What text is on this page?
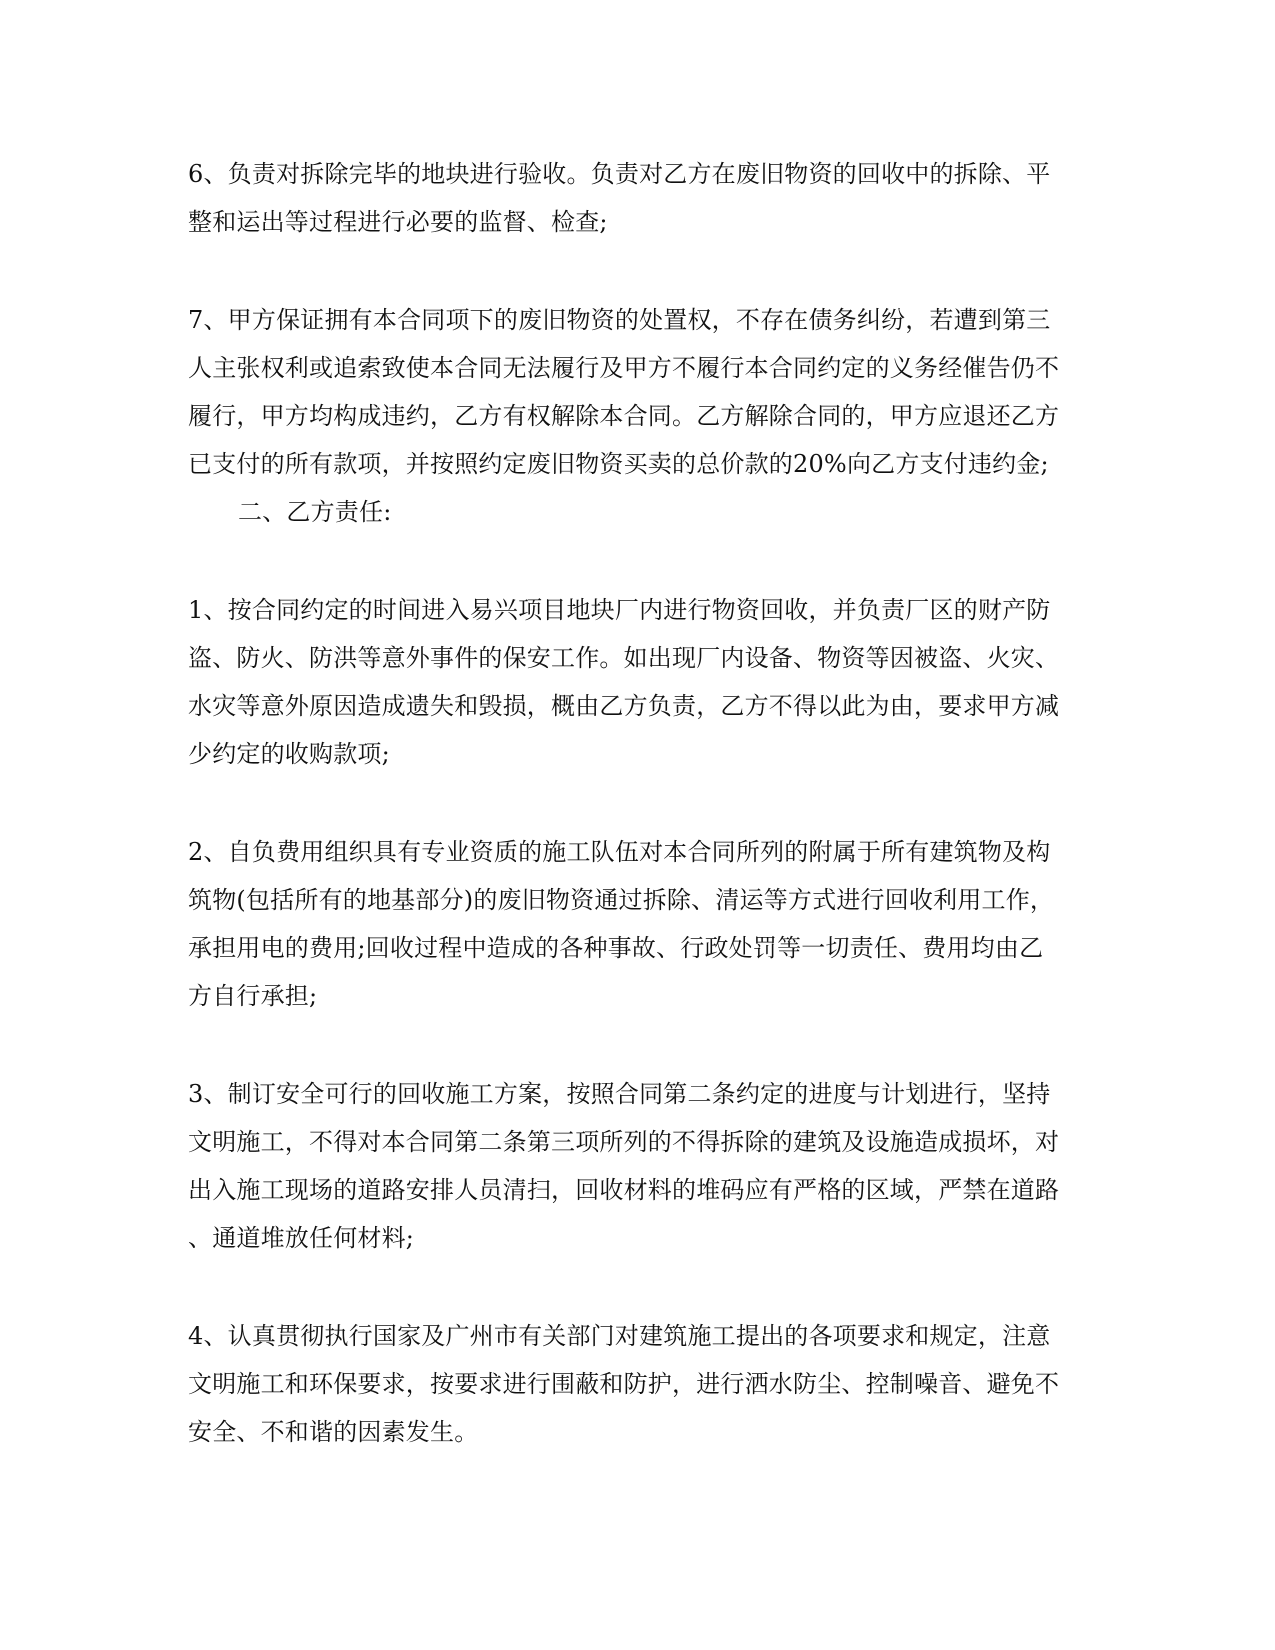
6、负责对拆除完毕的地块进行验收。负责对乙方在废旧物资的回收中的拆除、平
整和运出等过程进行必要的监督、检查;
7、甲方保证拥有本合同项下的废旧物资的处置权，不存在债务纠纷，若遭到第三
人主张权利或追索致使本合同无法履行及甲方不履行本合同约定的义务经催告仍不
履行，甲方均构成违约，乙方有权解除本合同。乙方解除合同的，甲方应退还乙方
已支付的所有款项，并按照约定废旧物资买卖的总价款的20%向乙方支付违约金;
二、乙方责任:
1、按合同约定的时间进入易兴项目地块厂内进行物资回收，并负责厂区的财产防
盗、防火、防洪等意外事件的保安工作。如出现厂内设备、物资等因被盗、火灾、
水灾等意外原因造成遗失和毁损，概由乙方负责，乙方不得以此为由，要求甲方减
少约定的收购款项;
2、自负费用组织具有专业资质的施工队伍对本合同所列的附属于所有建筑物及构
筑物(包括所有的地基部分)的废旧物资通过拆除、清运等方式进行回收利用工作，
承担用电的费用;回收过程中造成的各种事故、行政处罚等一切责任、费用均由乙
方自行承担;
3、制订安全可行的回收施工方案，按照合同第二条约定的进度与计划进行，坚持
文明施工，不得对本合同第二条第三项所列的不得拆除的建筑及设施造成损坏，对
出入施工现场的道路安排人员清扫，回收材料的堆码应有严格的区域，严禁在道路
、通道堆放任何材料;
4、认真贯彻执行国家及广州市有关部门对建筑施工提出的各项要求和规定，注意
文明施工和环保要求，按要求进行围蔽和防护，进行洒水防尘、控制噪音、避免不
安全、不和谐的因素发生。
